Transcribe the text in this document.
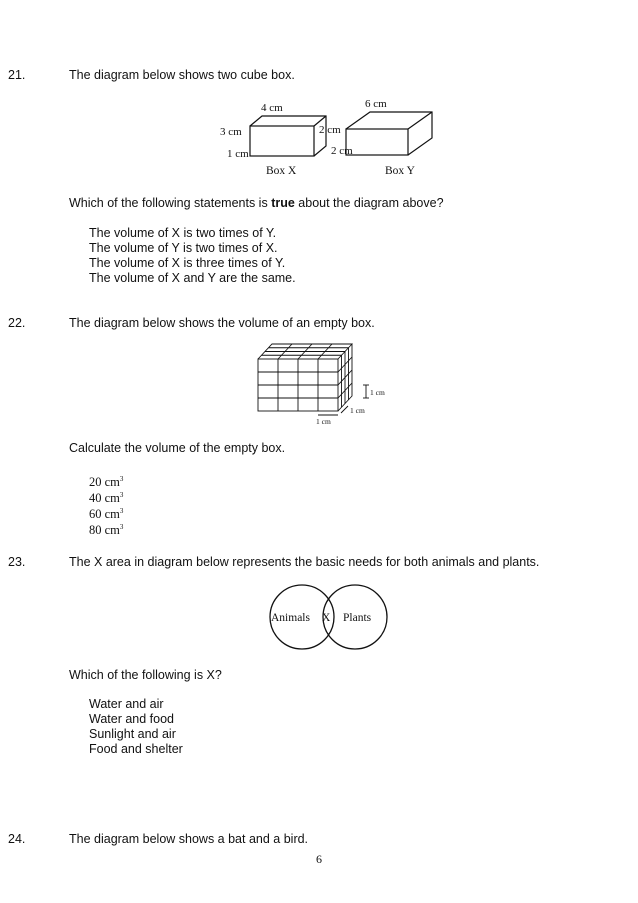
21.	The diagram below shows two cube box.
4 cm
3 cm
1 cm
Box X
6 cm
2 cm
2 cm
Box Y
Which of the following statements is true about the diagram above?
The volume of X is two times of Y.
The volume of Y is two times of X.
The volume of X is three times of Y.
The volume of X and Y are the same.
22.	The diagram below shows the volume of an empty box.
1 cm
1 cm
1 cm
Calculate the volume of the empty box.
20 $cm^3$
40 $cm^3$
60 $cm^3$
80 $cm^3$
23.	The X area in diagram below represents the basic needs for both animals and plants.
Animals X Plants
Which of the following is X?
Water and air
Water and food
Sunlight and air
Food and shelter
24.	The diagram below shows a bat and a bird.
6
